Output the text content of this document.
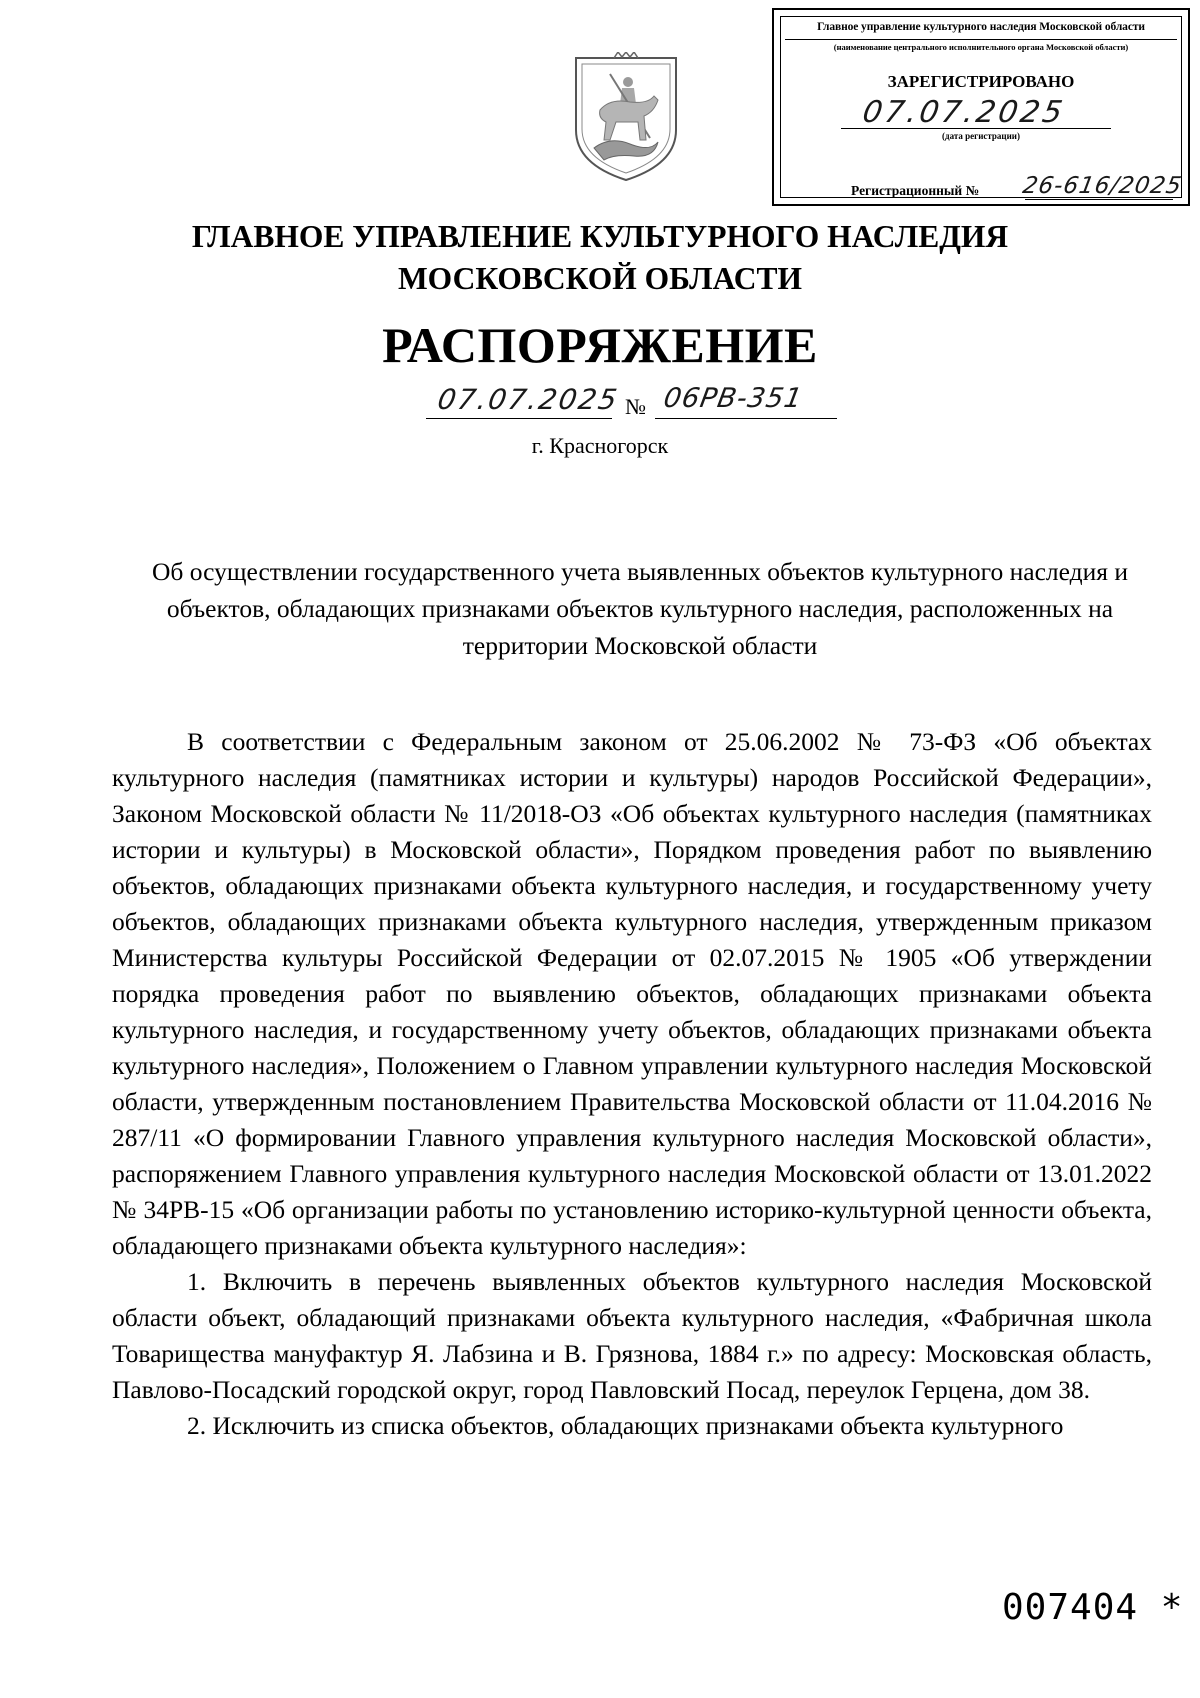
Главное управление культурного наследия Московской области
(наименование центрального исполнительного органа Московской области)
ЗАРЕГИСТРИРОВАНО
07.07.2025
(дата регистрации)
Регистрационный № 26-616/2025
ГЛАВНОЕ УПРАВЛЕНИЕ КУЛЬТУРНОГО НАСЛЕДИЯ
МОСКОВСКОЙ ОБЛАСТИ
РАСПОРЯЖЕНИЕ
07.07.2025 № 06РВ-351
г. Красногорск
Об осуществлении государственного учета выявленных объектов культурного наследия и объектов, обладающих признаками объектов культурного наследия, расположенных на территории Московской области

В соответствии с Федеральным законом от 25.06.2002 № 73-ФЗ «Об объектах культурного наследия (памятниках истории и культуры) народов Российской Федерации», Законом Московской области № 11/2018-ОЗ «Об объектах культурного наследия (памятниках истории и культуры) в Московской области», Порядком проведения работ по выявлению объектов, обладающих признаками объекта культурного наследия, и государственному учету объектов, обладающих признаками объекта культурного наследия, утвержденным приказом Министерства культуры Российской Федерации от 02.07.2015 № 1905 «Об утверждении порядка проведения работ по выявлению объектов, обладающих признаками объекта культурного наследия, и государственному учету объектов, обладающих признаками объекта культурного наследия», Положением о Главном управлении культурного наследия Московской области, утвержденным постановлением Правительства Московской области от 11.04.2016 № 287/11 «О формировании Главного управления культурного наследия Московской области», распоряжением Главного управления культурного наследия Московской области от 13.01.2022 № 34РВ-15 «Об организации работы по установлению историко-культурной ценности объекта, обладающего признаками объекта культурного наследия»:

1. Включить в перечень выявленных объектов культурного наследия Московской области объект, обладающий признаками объекта культурного наследия, «Фабричная школа Товарищества мануфактур Я. Лабзина и В. Грязнова, 1884 г.» по адресу: Московская область, Павлово-Посадский городской округ, город Павловский Посад, переулок Герцена, дом 38.

2. Исключить из списка объектов, обладающих признаками объекта культурного

007404 *
